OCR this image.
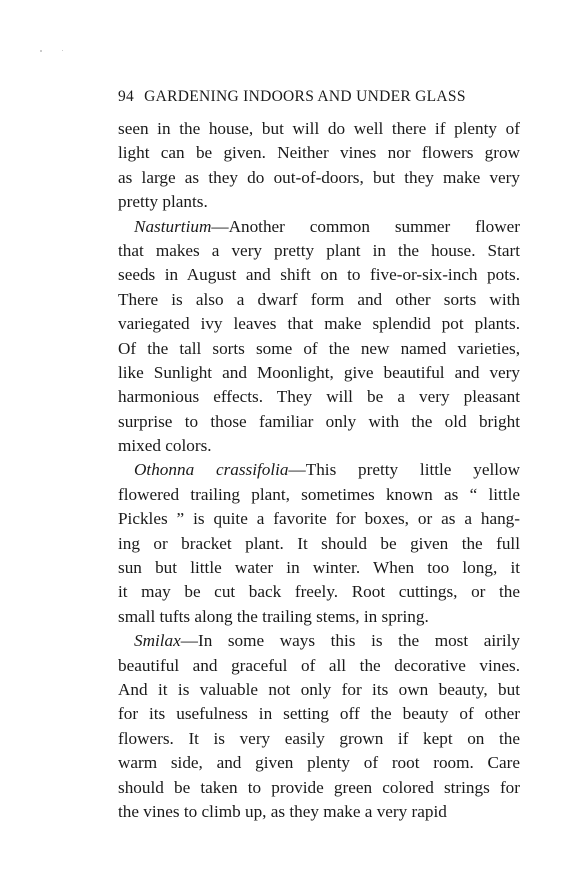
94 GARDENING INDOORS AND UNDER GLASS
seen in the house, but will do well there if plenty of
light can be given. Neither vines nor flowers grow
as large as they do out-of-doors, but they make very
pretty plants.
Nasturtium—Another common summer flower
that makes a very pretty plant in the house. Start
seeds in August and shift on to five-or-six-inch pots.
There is also a dwarf form and other sorts with
variegated ivy leaves that make splendid pot plants.
Of the tall sorts some of the new named varieties,
like Sunlight and Moonlight, give beautiful and very
harmonious effects. They will be a very pleasant
surprise to those familiar only with the old bright
mixed colors.
Othonna crassifolia—This pretty little yellow
flowered trailing plant, sometimes known as “ little
Pickles ” is quite a favorite for boxes, or as a hang-
ing or bracket plant. It should be given the full
sun but little water in winter. When too long, it
it may be cut back freely. Root cuttings, or the
small tufts along the trailing stems, in spring.
Smilax—In some ways this is the most airily
beautiful and graceful of all the decorative vines.
And it is valuable not only for its own beauty, but
for its usefulness in setting off the beauty of other
flowers. It is very easily grown if kept on the
warm side, and given plenty of root room. Care
should be taken to provide green colored strings for
the vines to climb up, as they make a very rapid
